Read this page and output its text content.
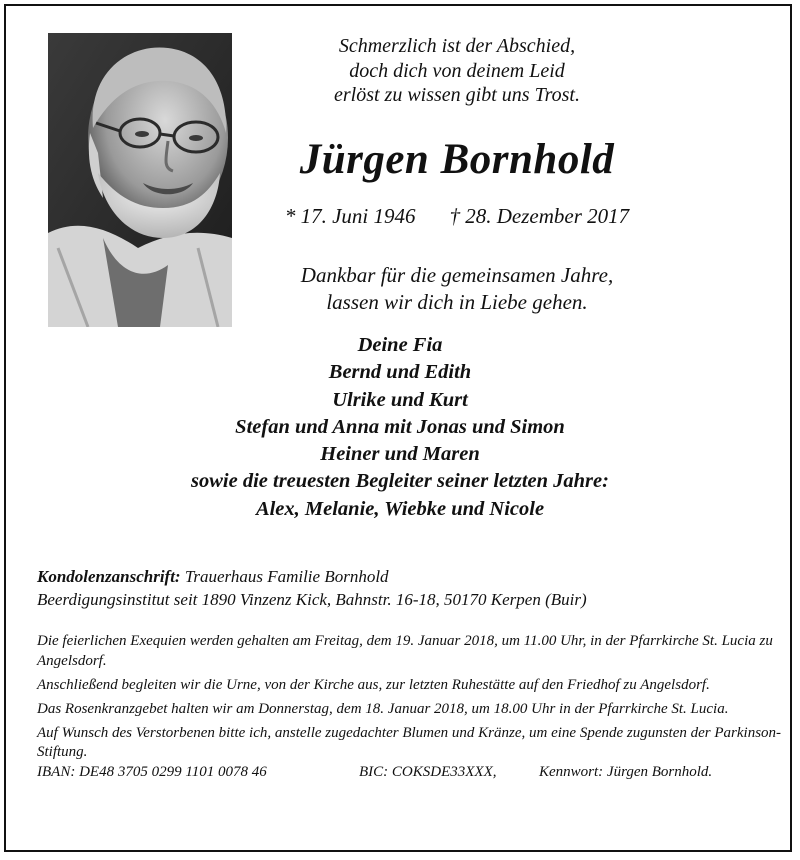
Schmerzlich ist der Abschied,
doch dich von deinem Leid
erlöst zu wissen gibt uns Trost.
Jürgen Bornhold
* 17. Juni 1946 † 28. Dezember 2017
Dankbar für die gemeinsamen Jahre,
lassen wir dich in Liebe gehen.
Deine Fia
Bernd und Edith
Ulrike und Kurt
Stefan und Anna mit Jonas und Simon
Heiner und Maren
sowie die treuesten Begleiter seiner letzten Jahre:
Alex, Melanie, Wiebke und Nicole
Kondolenzanschrift: Trauerhaus Familie Bornhold
Beerdigungsinstitut seit 1890 Vinzenz Kick, Bahnstr. 16-18, 50170 Kerpen (Buir)

Die feierlichen Exequien werden gehalten am Freitag, dem 19. Januar 2018, um 11.00 Uhr, in der Pfarrkirche St. Lucia zu Angelsdorf.

Anschließend begleiten wir die Urne, von der Kirche aus, zur letzten Ruhestätte auf den Friedhof zu Angelsdorf.

Das Rosenkranzgebet halten wir am Donnerstag, dem 18. Januar 2018, um 18.00 Uhr in der Pfarrkirche St. Lucia.

Auf Wunsch des Verstorbenen bitte ich, anstelle zugedachter Blumen und Kränze, um eine Spende zugunsten der Parkinson-Stiftung.

IBAN: DE48 3705 0299 1101 0078 46	BIC: COKSDE33XXX,	Kennwort: Jürgen Bornhold.
